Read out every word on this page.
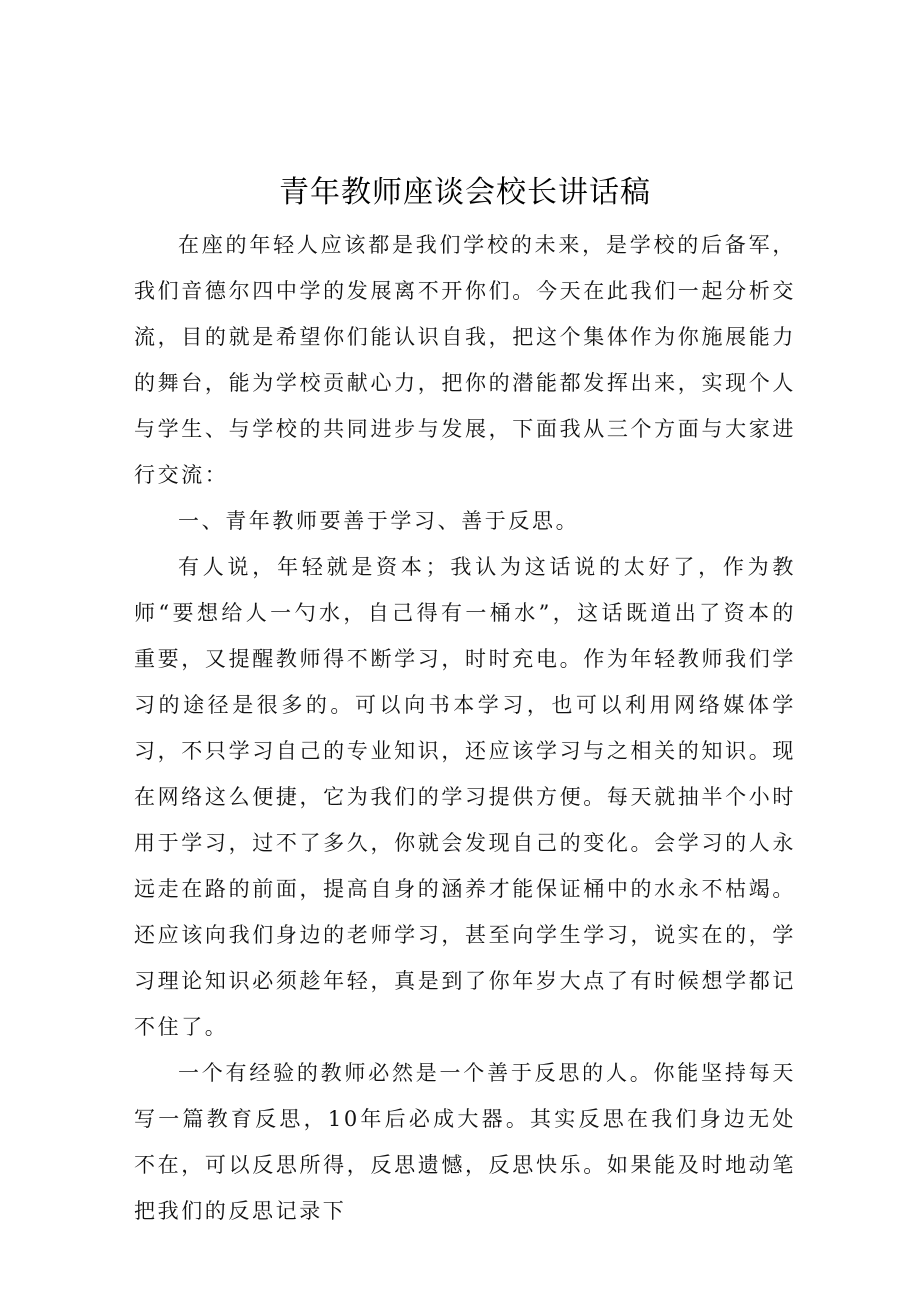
青年教师座谈会校长讲话稿

在座的年轻人应该都是我们学校的未来，是学校的后备军，我们音德尔四中学的发展离不开你们。今天在此我们一起分析交流，目的就是希望你们能认识自我，把这个集体作为你施展能力的舞台，能为学校贡献心力，把你的潜能都发挥出来，实现个人与学生、与学校的共同进步与发展，下面我从三个方面与大家进行交流：

一、青年教师要善于学习、善于反思。

有人说，年轻就是资本；我认为这话说的太好了，作为教师“要想给人一勺水，自己得有一桶水”，这话既道出了资本的重要，又提醒教师得不断学习，时时充电。作为年轻教师我们学习的途径是很多的。可以向书本学习，也可以利用网络媒体学习，不只学习自己的专业知识，还应该学习与之相关的知识。现在网络这么便捷，它为我们的学习提供方便。每天就抽半个小时用于学习，过不了多久，你就会发现自己的变化。会学习的人永远走在路的前面，提高自身的涵养才能保证桶中的水永不枯竭。还应该向我们身边的老师学习，甚至向学生学习，说实在的，学习理论知识必须趁年轻，真是到了你年岁大点了有时候想学都记不住了。

一个有经验的教师必然是一个善于反思的人。你能坚持每天写一篇教育反思，10年后必成大器。其实反思在我们身边无处不在，可以反思所得，反思遗憾，反思快乐。如果能及时地动笔把我们的反思记录下
